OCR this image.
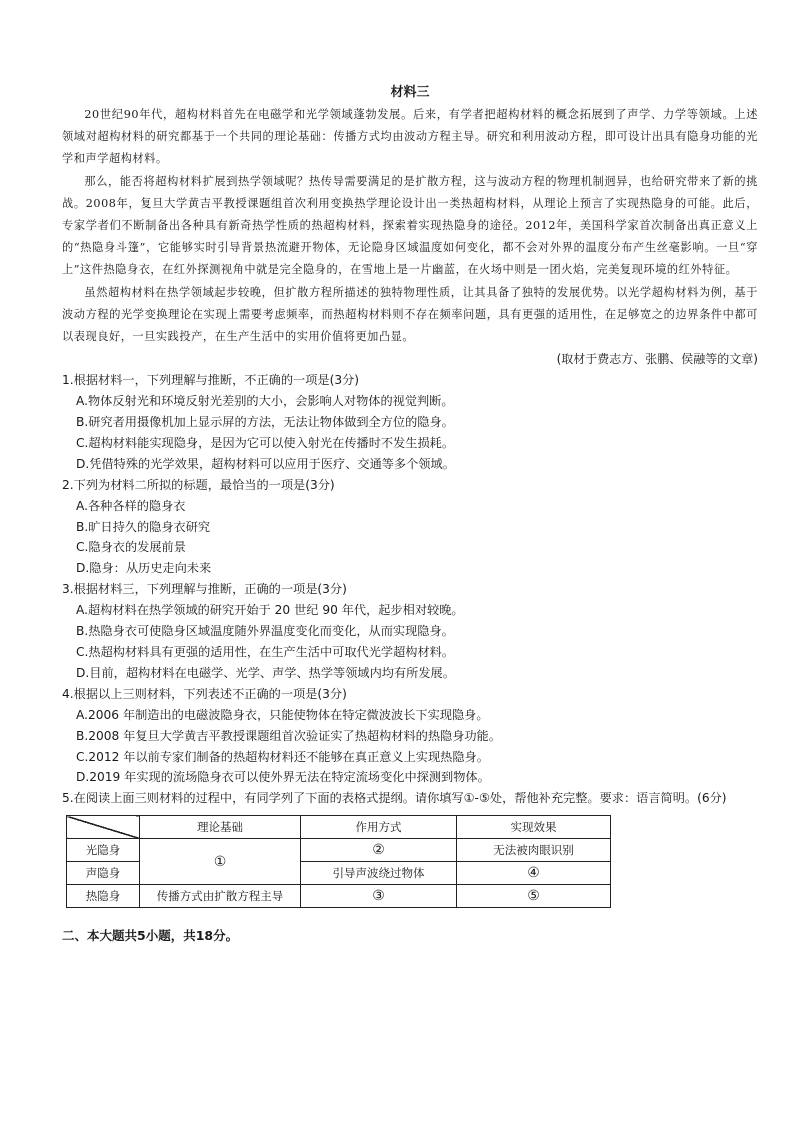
材料三

20世纪90年代，超构材料首先在电磁学和光学领域蓬勃发展。后来，有学者把超构材料的概念拓展到了声学、力学等领域。上述领域对超构材料的研究都基于一个共同的理论基础：传播方式均由波动方程主导。研究和利用波动方程，即可设计出具有隐身功能的光学和声学超构材料。

那么，能否将超构材料扩展到热学领域呢？热传导需要满足的是扩散方程，这与波动方程的物理机制迥异，也给研究带来了新的挑战。2008年，复旦大学黄吉平教授课题组首次利用变换热学理论设计出一类热超构材料，从理论上预言了实现热隐身的可能。此后，专家学者们不断制备出各种具有新奇热学性质的热超构材料，探索着实现热隐身的途径。2012年，美国科学家首次制备出真正意义上的“热隐身斗篷”，它能够实时引导背景热流避开物体，无论隐身区域温度如何变化，都不会对外界的温度分布产生丝毫影响。一旦“穿上”这件热隐身衣，在红外探测视角中就是完全隐身的，在雪地上是一片幽蓝，在火场中则是一团火焰，完美复现环境的红外特征。

虽然超构材料在热学领域起步较晚，但扩散方程所描述的独特物理性质，让其具备了独特的发展优势。以光学超构材料为例，基于波动方程的光学变换理论在实现上需要考虑频率，而热超构材料则不存在频率问题，具有更强的适用性，在足够宽之的边界条件中都可以表现良好，一旦实践投产，在生产生活中的实用价值将更加凸显。

(取材于费志方、张鹏、侯融等的文章)

1.根据材料一，下列理解与推断，不正确的一项是(3分)

A.物体反射光和环境反射光差别的大小，会影响人对物体的视觉判断。

B.研究者用摄像机加上显示屏的方法，无法让物体做到全方位的隐身。

C.超构材料能实现隐身，是因为它可以使入射光在传播时不发生损耗。

D.凭借特殊的光学效果，超构材料可以应用于医疗、交通等多个领域。

2.下列为材料二所拟的标题，最恰当的一项是(3分)

A.各种各样的隐身衣

B.旷日持久的隐身衣研究

C.隐身衣的发展前景

D.隐身：从历史走向未来

3.根据材料三，下列理解与推断，正确的一项是(3分)

A.超构材料在热学领域的研究开始于 20 世纪 90 年代，起步相对较晚。

B.热隐身衣可使隐身区域温度随外界温度变化而变化，从而实现隐身。

C.热超构材料具有更强的适用性，在生产生活中可取代光学超构材料。

D.目前，超构材料在电磁学、光学、声学、热学等领域内均有所发展。

4.根据以上三则材料，下列表述不正确的一项是(3分)

A.2006 年制造出的电磁波隐身衣，只能使物体在特定微波波长下实现隐身。

B.2008 年复旦大学黄吉平教授课题组首次验证实了热超构材料的热隐身功能。

C.2012 年以前专家们制备的热超构材料还不能够在真正意义上实现热隐身。

D.2019 年实现的流场隐身衣可以使外界无法在特定流场变化中探测到物体。

5.在阅读上面三则材料的过程中，有同学列了下面的表格式提纲。请你填写①-⑤处，帮他补充完整。要求：语言简明。(6分)

	理论基础	作用方式	实现效果
光隐身	①	②	无法被肉眼识别
声隐身		引导声波绕过物体	④
热隐身	传播方式由扩散方程主导	③	⑤

二、本大题共5小题，共18分。
